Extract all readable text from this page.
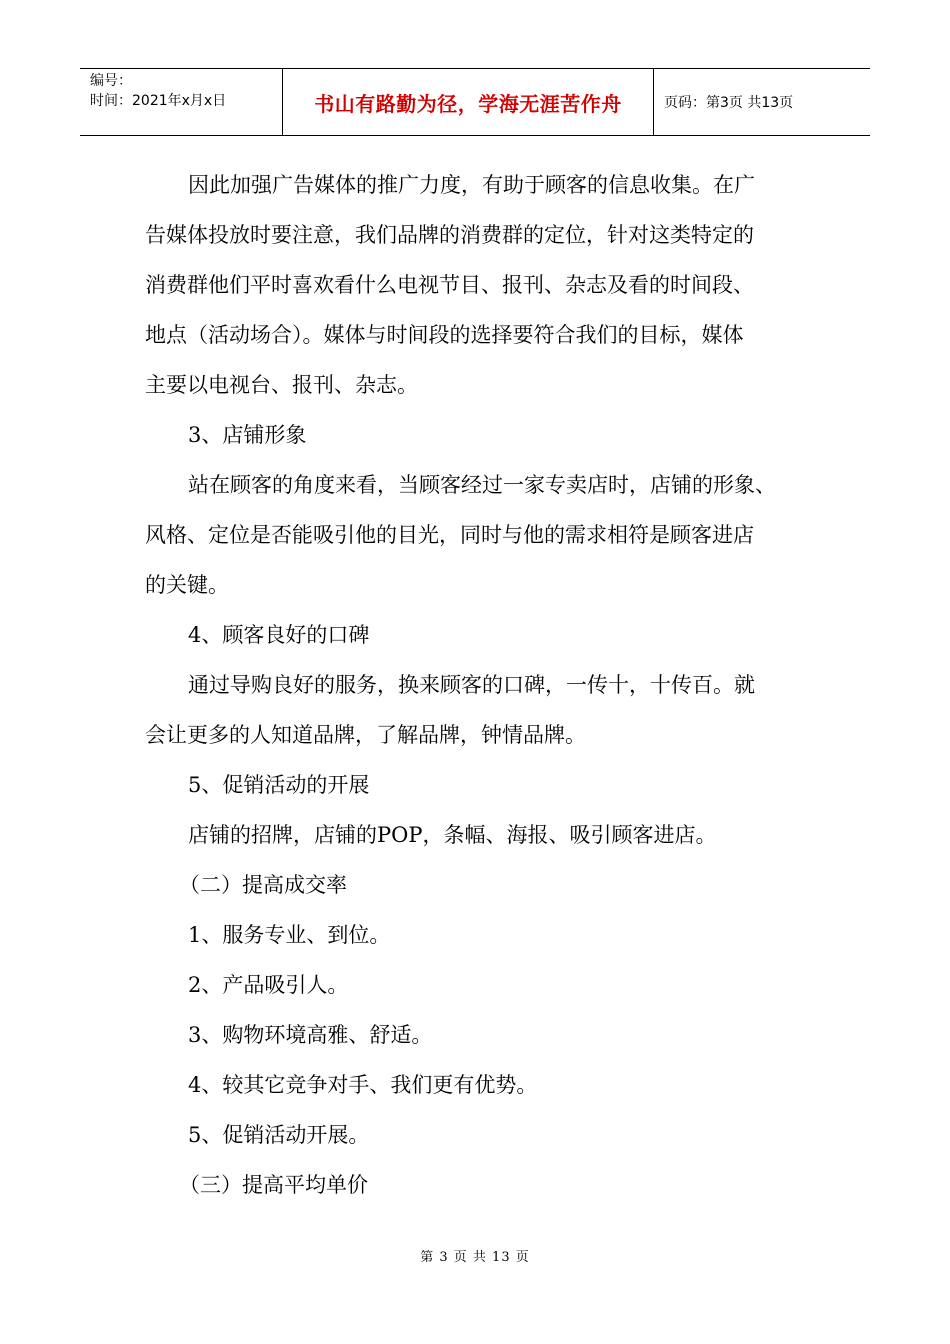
编号：
时间：2021年x月x日	书山有路勤为径，学海无涯苦作舟	页码：第3页 共13页
因此加强广告媒体的推广力度，有助于顾客的信息收集。在广
告媒体投放时要注意，我们品牌的消费群的定位，针对这类特定的
消费群他们平时喜欢看什么电视节目、报刊、杂志及看的时间段、
地点（活动场合）。媒体与时间段的选择要符合我们的目标，媒体
主要以电视台、报刊、杂志。
3、店铺形象
站在顾客的角度来看，当顾客经过一家专卖店时，店铺的形象、
风格、定位是否能吸引他的目光，同时与他的需求相符是顾客进店
的关键。
4、顾客良好的口碑
通过导购良好的服务，换来顾客的口碑，一传十，十传百。就
会让更多的人知道品牌，了解品牌，钟情品牌。
5、促销活动的开展
店铺的招牌，店铺的POP，条幅、海报、吸引顾客进店。
（二）提高成交率
1、服务专业、到位。
2、产品吸引人。
3、购物环境高雅、舒适。
4、较其它竞争对手、我们更有优势。
5、促销活动开展。
（三）提高平均单价
第 3 页 共 13 页
